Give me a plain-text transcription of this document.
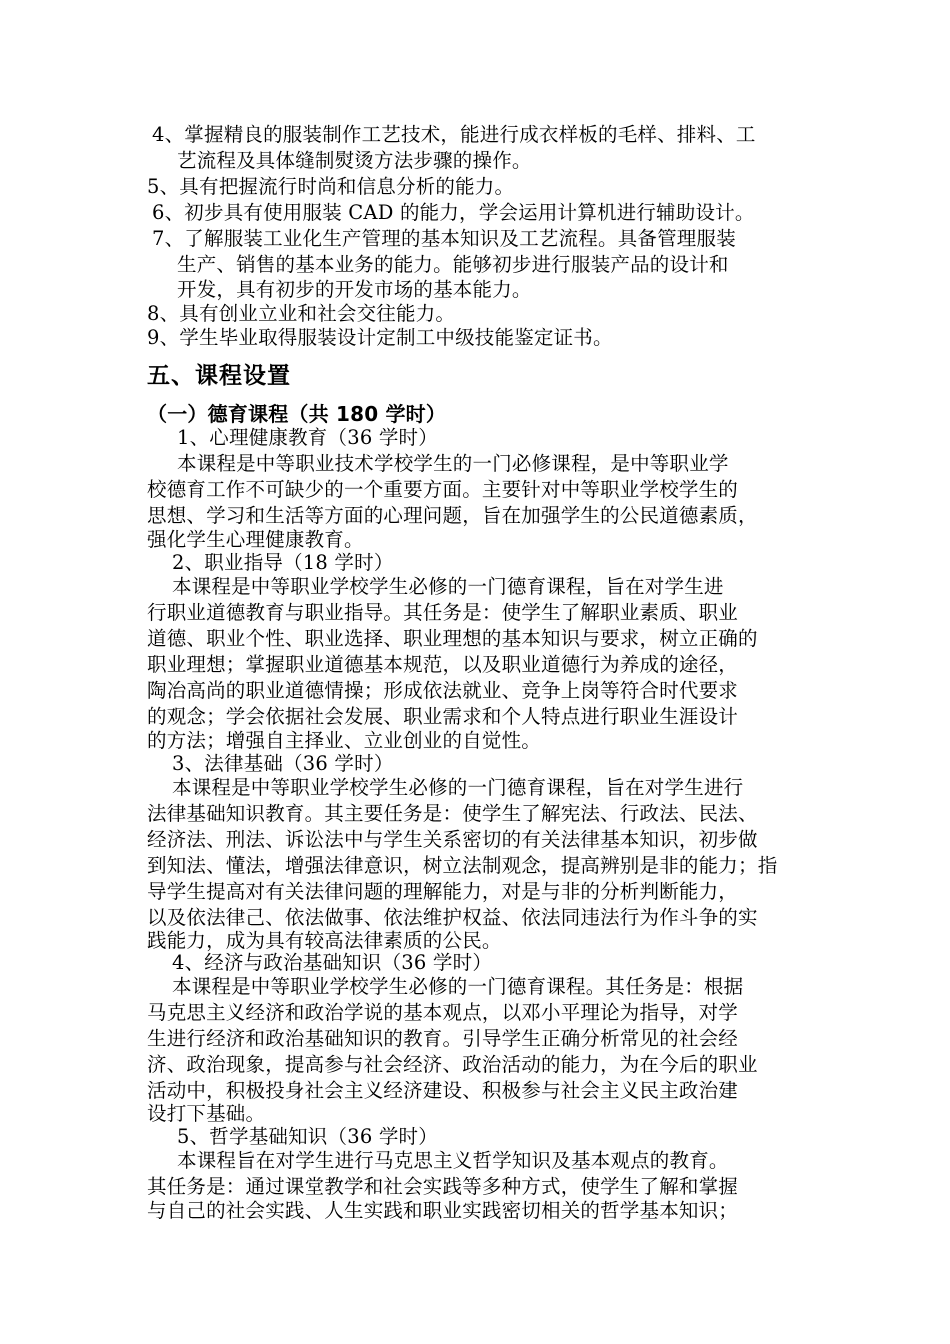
4、掌握精良的服装制作工艺技术，能进行成衣样板的毛样、排料、工
艺流程及具体缝制熨烫方法步骤的操作。
5、具有把握流行时尚和信息分析的能力。
6、初步具有使用服装 CAD 的能力，学会运用计算机进行辅助设计。
7、了解服装工业化生产管理的基本知识及工艺流程。具备管理服装
生产、销售的基本业务的能力。能够初步进行服装产品的设计和
开发，具有初步的开发市场的基本能力。
8、具有创业立业和社会交往能力。
9、学生毕业取得服装设计定制工中级技能鉴定证书。
五、课程设置
（一）德育课程（共 180 学时）
1、心理健康教育（36 学时）
本课程是中等职业技术学校学生的一门必修课程，是中等职业学
校德育工作不可缺少的一个重要方面。主要针对中等职业学校学生的
思想、学习和生活等方面的心理问题，旨在加强学生的公民道德素质，
强化学生心理健康教育。
2、职业指导（18 学时）
本课程是中等职业学校学生必修的一门德育课程，旨在对学生进
行职业道德教育与职业指导。其任务是：使学生了解职业素质、职业
道德、职业个性、职业选择、职业理想的基本知识与要求，树立正确的
职业理想；掌握职业道德基本规范，以及职业道德行为养成的途径，
陶冶高尚的职业道德情操；形成依法就业、竞争上岗等符合时代要求
的观念；学会依据社会发展、职业需求和个人特点进行职业生涯设计
的方法；增强自主择业、立业创业的自觉性。
3、法律基础（36 学时）
本课程是中等职业学校学生必修的一门德育课程，旨在对学生进行
法律基础知识教育。其主要任务是：使学生了解宪法、行政法、民法、
经济法、刑法、诉讼法中与学生关系密切的有关法律基本知识，初步做
到知法、懂法，增强法律意识，树立法制观念，提高辨别是非的能力；指
导学生提高对有关法律问题的理解能力，对是与非的分析判断能力，
以及依法律己、依法做事、依法维护权益、依法同违法行为作斗争的实
践能力，成为具有较高法律素质的公民。
4、经济与政治基础知识（36 学时）
本课程是中等职业学校学生必修的一门德育课程。其任务是：根据
马克思主义经济和政治学说的基本观点，以邓小平理论为指导，对学
生进行经济和政治基础知识的教育。引导学生正确分析常见的社会经
济、政治现象，提高参与社会经济、政治活动的能力，为在今后的职业
活动中，积极投身社会主义经济建设、积极参与社会主义民主政治建
设打下基础。
5、哲学基础知识（36 学时）
本课程旨在对学生进行马克思主义哲学知识及基本观点的教育。
其任务是：通过课堂教学和社会实践等多种方式，使学生了解和掌握
与自己的社会实践、人生实践和职业实践密切相关的哲学基本知识；
